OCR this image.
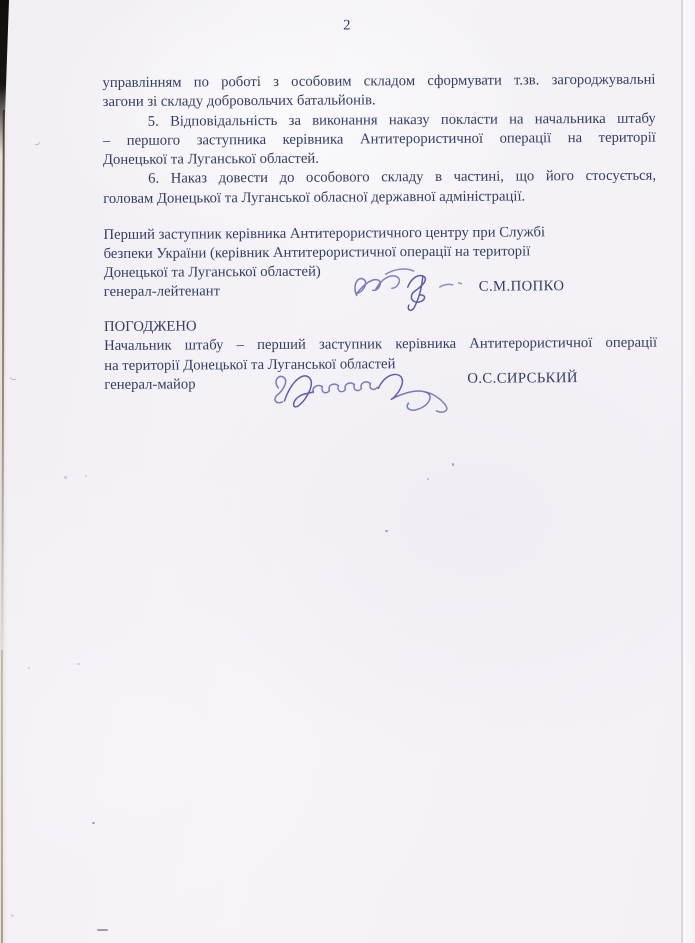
2
управлінням по роботі з особовим складом сформувати т.зв. загороджувальні
загони зі складу добровольчих батальйонів.
5. Відповідальність за виконання наказу покласти на начальника штабу
– першого заступника керівника Антитерористичної операції на території
Донецької та Луганської областей.
6. Наказ довести до особового складу в частині, що його стосується,
головам Донецької та Луганської обласної державної адміністрації.
Перший заступник керівника Антитерористичного центру при Службі
безпеки України (керівник Антитерористичної операції на території
Донецької та Луганської областей)
генерал-лейтенант	С.М.ПОПКО
ПОГОДЖЕНО
Начальник штабу – перший заступник керівника Антитерористичної операції
на території Донецької та Луганської областей
генерал-майор	О.С.СИРСЬКИЙ
